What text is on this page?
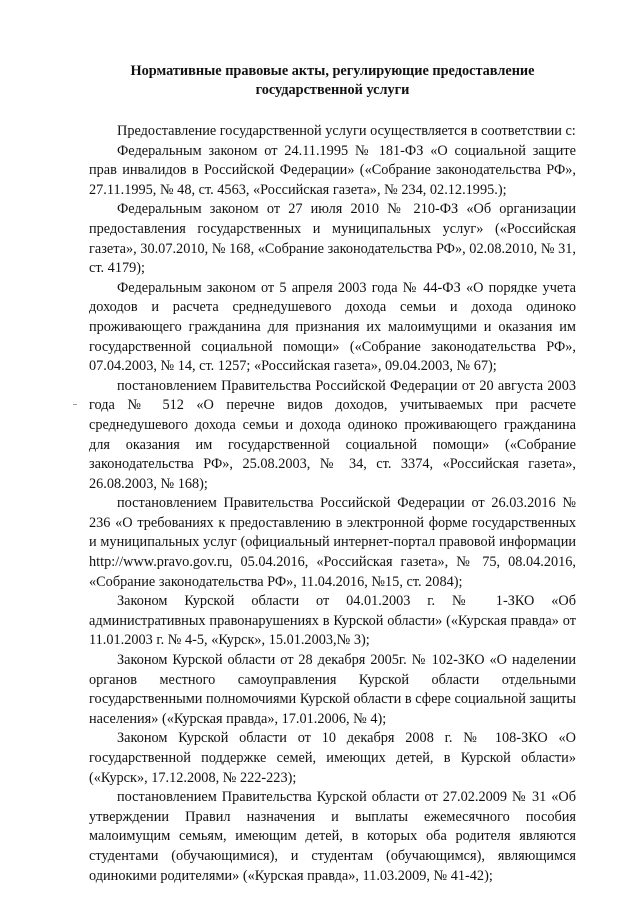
Нормативные правовые акты, регулирующие предоставление
государственной услуги

Предоставление государственной услуги осуществляется в соответствии с:

Федеральным законом от 24.11.1995 № 181-ФЗ «О социальной защите прав инвалидов в Российской Федерации» («Собрание законодательства РФ», 27.11.1995, № 48, ст. 4563, «Российская газета», № 234, 02.12.1995.);

Федеральным законом от 27 июля 2010 № 210-ФЗ «Об организации предоставления государственных и муниципальных услуг» («Российская газета», 30.07.2010, № 168, «Собрание законодательства РФ», 02.08.2010, № 31, ст. 4179);

Федеральным законом от 5 апреля 2003 года № 44-ФЗ «О порядке учета доходов и расчета среднедушевого дохода семьи и дохода одиноко проживающего гражданина для признания их малоимущими и оказания им государственной социальной помощи» («Собрание законодательства РФ», 07.04.2003, № 14, ст. 1257; «Российская газета», 09.04.2003, № 67);

постановлением Правительства Российской Федерации от 20 августа 2003 года № 512 «О перечне видов доходов, учитываемых при расчете среднедушевого дохода семьи и дохода одиноко проживающего гражданина для оказания им государственной социальной помощи» («Собрание законодательства РФ», 25.08.2003, № 34, ст. 3374, «Российская газета», 26.08.2003, № 168);

постановлением Правительства Российской Федерации от 26.03.2016 № 236 «О требованиях к предоставлению в электронной форме государственных и муниципальных услуг (официальный интернет-портал правовой информации http://www.pravo.gov.ru, 05.04.2016, «Российская газета», № 75, 08.04.2016, «Собрание законодательства РФ», 11.04.2016, №15, ст. 2084);

Законом Курской области от 04.01.2003 г. № 1-ЗКО «Об административных правонарушениях в Курской области» («Курская правда» от 11.01.2003 г. № 4-5, «Курск», 15.01.2003,№ 3);

Законом Курской области от 28 декабря 2005г. № 102-ЗКО «О наделении органов местного самоуправления Курской области отдельными государственными полномочиями Курской области в сфере социальной защиты населения» («Курская правда», 17.01.2006, № 4);

Законом Курской области от 10 декабря 2008 г. № 108-ЗКО «О государственной поддержке семей, имеющих детей, в Курской области» («Курск», 17.12.2008, № 222-223);

постановлением Правительства Курской области от 27.02.2009 № 31 «Об утверждении Правил назначения и выплаты ежемесячного пособия малоимущим семьям, имеющим детей, в которых оба родителя являются студентами (обучающимися), и студентам (обучающимся), являющимся одинокими родителями» («Курская правда», 11.03.2009, № 41-42);
